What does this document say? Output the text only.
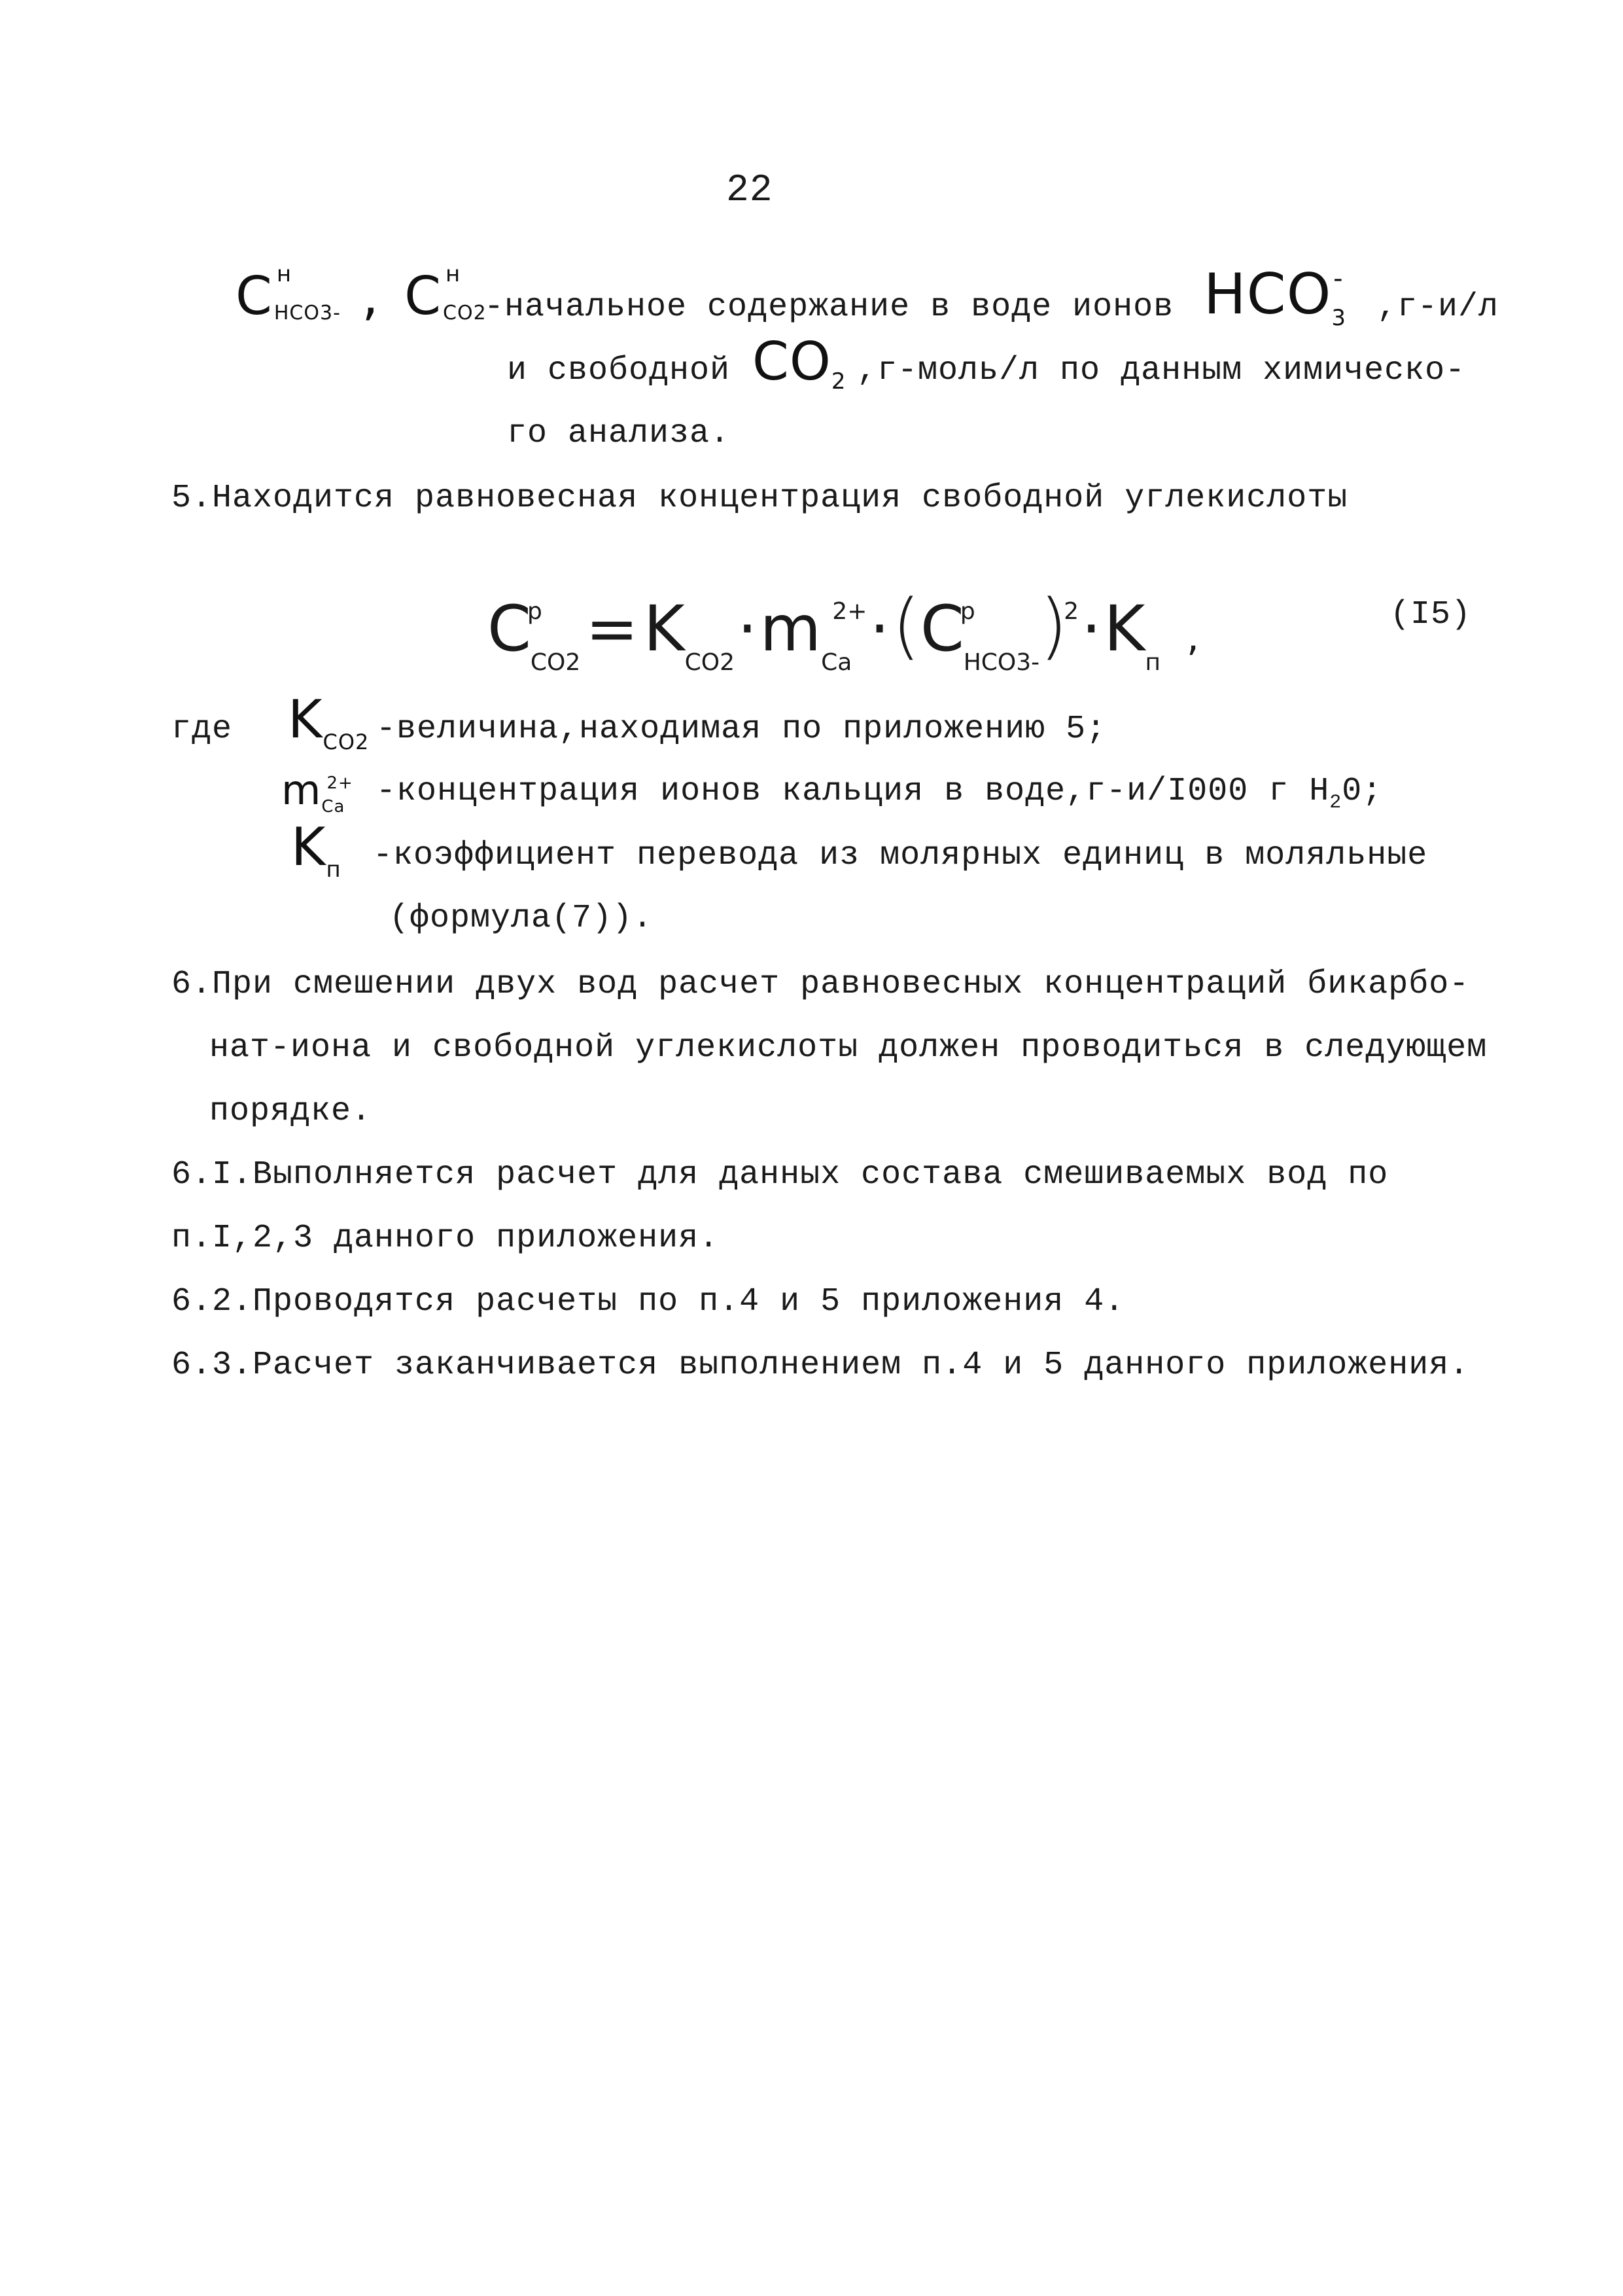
22
C н
HCO3- , C н
CO2
-начальное содержание в воде ионов $HCO_3^-$
,г-и/л
и свободной CO2 ,г-моль/л по данным химическо-
го анализа.
5.Находится равновесная концентрация свободной углекислоты
$C^р_{CO2}=K_{CO2}\cdot m_{Ca}^{2+}\cdot(C^р_{HCO3-})^2\cdot K_п$,	(I5)
где $K_{CO2}$ -величина,находимая по приложению 5;
mCa$^{2+}$ -концентрация ионов кальция в воде,г-и/I000 г $H_20$;
$K_п$ -коэффициент перевода из молярных единиц в моляльные
(формула(7)).
6.При смешении двух вод расчет равновесных концентраций бикарбо-
нат-иона и свободной углекислоты должен проводиться в следующем
порядке.
6.I.Выполняется расчет для данных состава смешиваемых вод по
п.I,2,3 данного приложения.
6.2.Проводятся расчеты по п.4 и 5 приложения 4.
6.3.Расчет заканчивается выполнением п.4 и 5 данного приложения.
